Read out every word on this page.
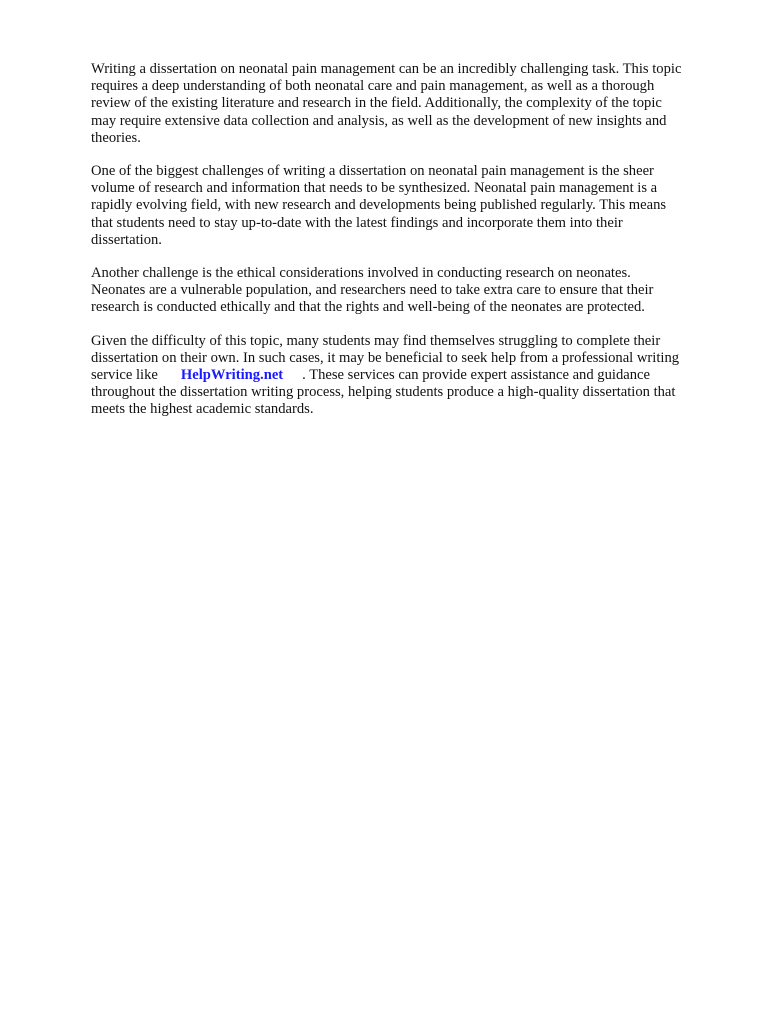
Writing a dissertation on neonatal pain management can be an incredibly challenging task. This topic
requires a deep understanding of both neonatal care and pain management, as well as a thorough
review of the existing literature and research in the field. Additionally, the complexity of the topic
may require extensive data collection and analysis, as well as the development of new insights and
theories.

One of the biggest challenges of writing a dissertation on neonatal pain management is the sheer
volume of research and information that needs to be synthesized. Neonatal pain management is a
rapidly evolving field, with new research and developments being published regularly. This means
that students need to stay up-to-date with the latest findings and incorporate them into their
dissertation.

Another challenge is the ethical considerations involved in conducting research on neonates.
Neonates are a vulnerable population, and researchers need to take extra care to ensure that their
research is conducted ethically and that the rights and well-being of the neonates are protected.

Given the difficulty of this topic, many students may find themselves struggling to complete their
dissertation on their own. In such cases, it may be beneficial to seek help from a professional writing
service like HelpWriting.net . These services can provide expert assistance and guidance
throughout the dissertation writing process, helping students produce a high-quality dissertation that
meets the highest academic standards.
